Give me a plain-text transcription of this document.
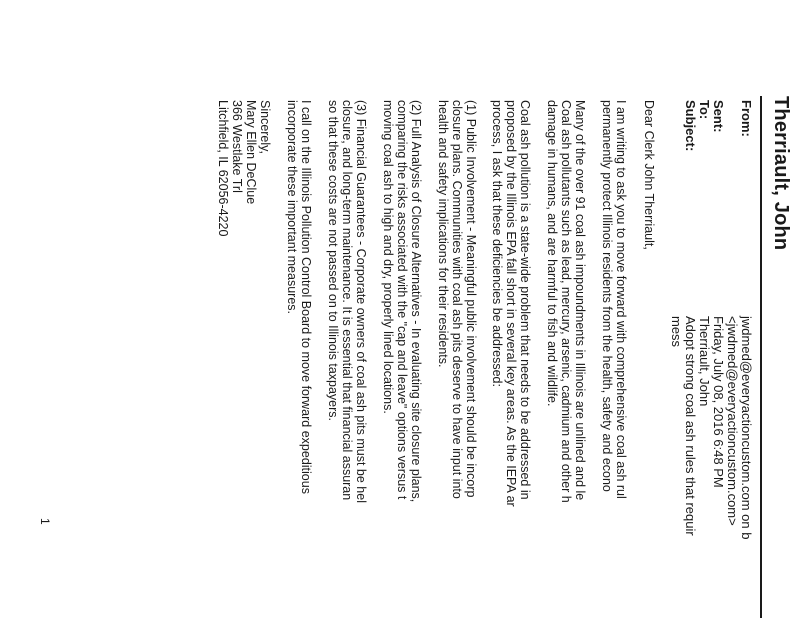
Therriault, John
From:
jwdmed@everyactioncustom.com on b
<jwdmed@everyactioncustom.com>
Sent:
Friday, July 08, 2016 6:48 PM
To:
Therriault, John
Subject:
Adopt strong coal ash rules that requir
mess
Dear Clerk John Therriault,
I am writing to ask you to move forward with comprehensive coal ash rul
permanently protect Illinois residents from the health, safety and econo
Many of the over 91 coal ash impoundments in Illinois are unlined and le
Coal ash pollutants such as lead, mercury, arsenic, cadmium and other h
damage in humans, and are harmful to fish and wildlife.
Coal ash pollution is a state-wide problem that needs to be addressed in
proposed by the Illinois EPA fall short in several key areas. As the IEPA ar
process, I ask that these deficiencies be addressed:
(1) Public Involvement - Meaningful public involvement should be incorp
closure plans. Communities with coal ash pits deserve to have input into
health and safety implications for their residents.
(2) Full Analysis of Closure Alternatives - In evaluating site closure plans,
comparing the risks associated with the "cap and leave" options versus t
moving coal ash to high and dry, properly lined locations.
(3) Financial Guarantees - Corporate owners of coal ash pits must be hel
closure, and long-term maintenance. It is essential that financial assuran
so that these costs are not passed on to Illinois taxpayers.
I call on the Illinois Pollution Control Board to move forward expeditious
incorporate these important measures.
Sincerely,
Mary Ellen DeClue
366 Westlake Trl
Litchfield, IL 62056-4220
1
